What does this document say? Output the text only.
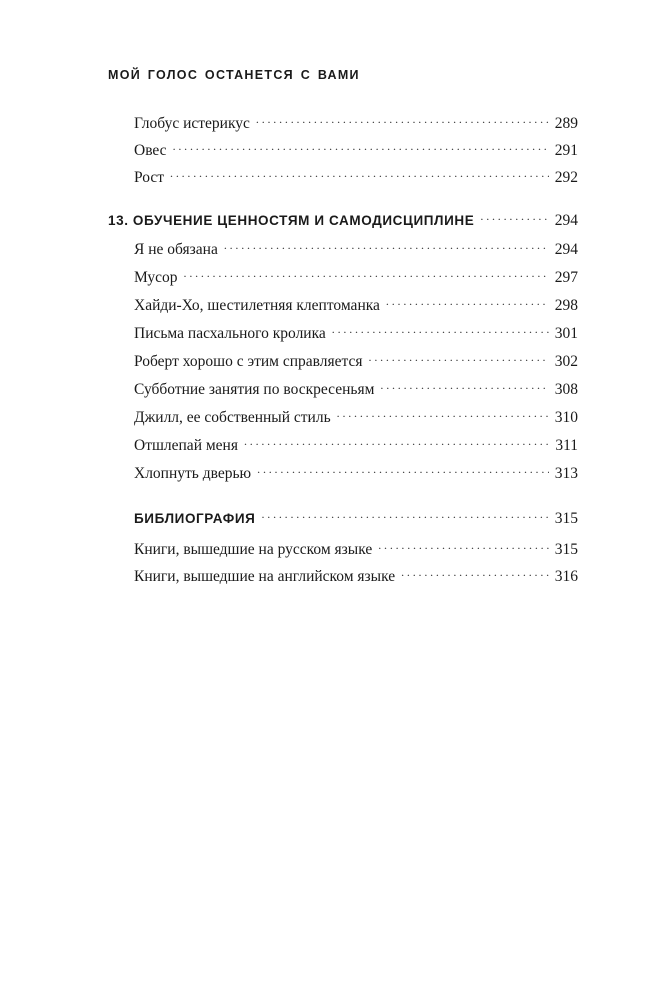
МОЙ ГОЛОС ОСТАНЕТСЯ С ВАМИ
Глобус истерикус . . .	289
Овес . . .	291
Рост . . .	292
13. ОБУЧЕНИЕ ЦЕННОСТЯМ И САМОДИСЦИПЛИНЕ . . .	294
Я не обязана . . .	294
Мусор . . .	297
Хайди-Хо, шестилетняя клептоманка . . .	298
Письма пасхального кролика . . .	301
Роберт хорошо с этим справляется . . .	302
Субботние занятия по воскресеньям . . .	308
Джилл, ее собственный стиль . . .	310
Отшлепай меня . . .	311
Хлопнуть дверью . . .	313
БИБЛИОГРАФИЯ . . .	315
Книги, вышедшие на русском языке . . .	315
Книги, вышедшие на английском языке . . .	316
